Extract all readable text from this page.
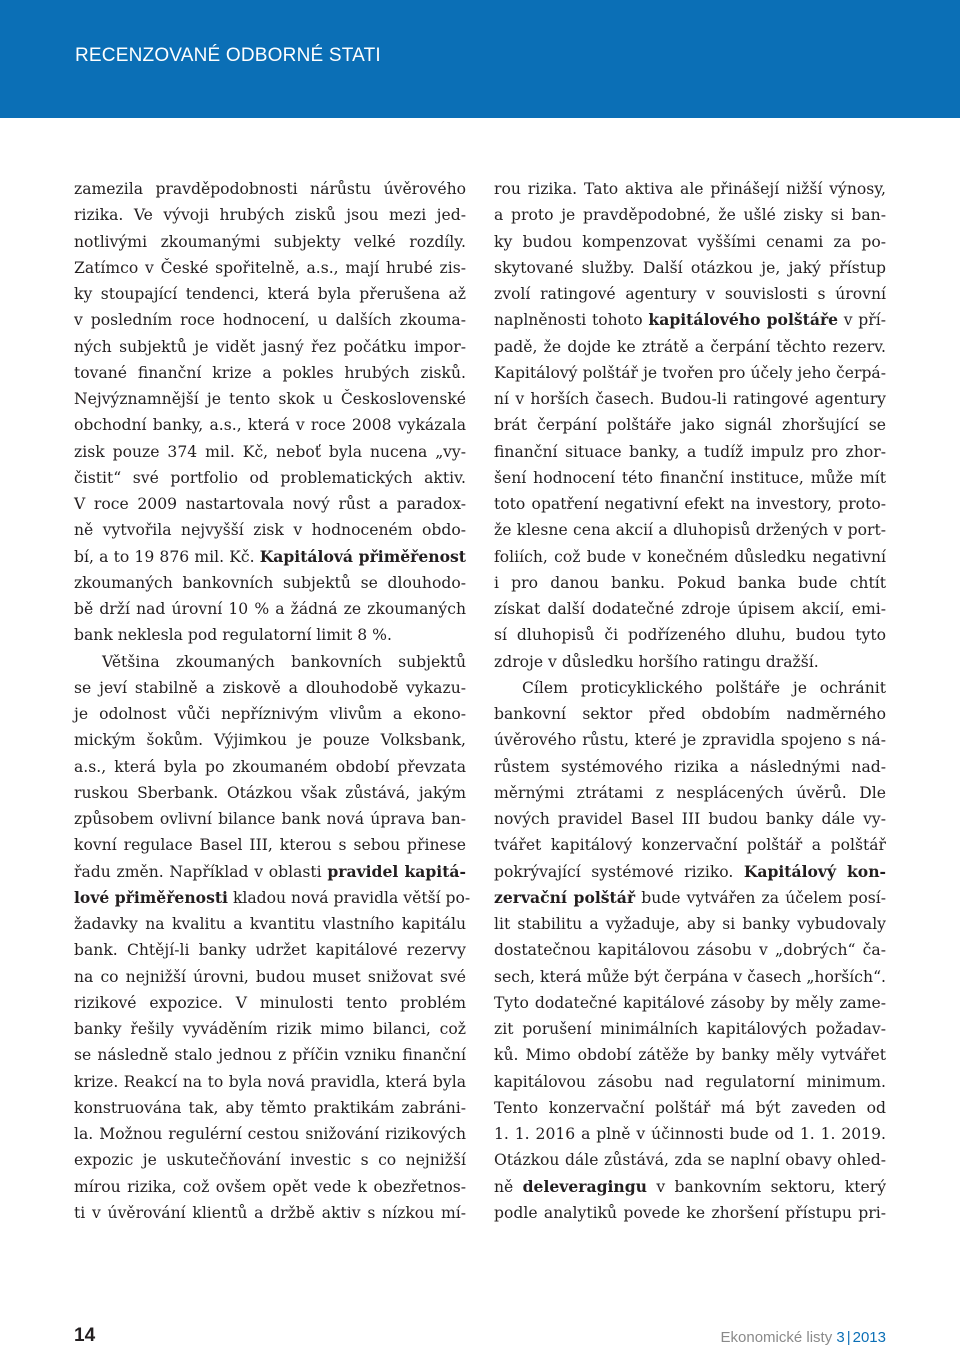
RECENZOVANÉ ODBORNÉ STATI
zamezila pravděpodobnosti nárůstu úvěrového
rizika. Ve vývoji hrubých zisků jsou mezi jed-
notlivými zkoumanými subjekty velké rozdíly.
Zatímco v České spořitelně, a.s., mají hrubé zis-
ky stoupající tendenci, která byla přerušena až
v posledním roce hodnocení, u dalších zkouma-
ných subjektů je vidět jasný řez počátku impor-
tované finanční krize a pokles hrubých zisků.
Nejvýznamnější je tento skok u Československé
obchodní banky, a.s., která v roce 2008 vykázala
zisk pouze 374 mil. Kč, neboť byla nucena „vy-
čistit“ své portfolio od problematických aktiv.
V roce 2009 nastartovala nový růst a paradox-
ně vytvořila nejvyšší zisk v hodnoceném obdo-
bí, a to 19 876 mil. Kč. Kapitálová přiměřenost
zkoumaných bankovních subjektů se dlouhodo-
bě drží nad úrovní 10 % a žádná ze zkoumaných
bank neklesla pod regulatorní limit 8 %.
Většina zkoumaných bankovních subjektů
se jeví stabilně a ziskově a dlouhodobě vykazu-
je odolnost vůči nepříznivým vlivům a ekono-
mickým šokům. Výjimkou je pouze Volksbank,
a.s., která byla po zkoumaném období převzata
ruskou Sberbank. Otázkou však zůstává, jakým
způsobem ovlivní bilance bank nová úprava ban-
kovní regulace Basel III, kterou s sebou přinese
řadu změn. Například v oblasti pravidel kapitá-
lové přiměřenosti kladou nová pravidla větší po-
žadavky na kvalitu a kvantitu vlastního kapitálu
bank. Chtějí-li banky udržet kapitálové rezervy
na co nejnižší úrovni, budou muset snižovat své
rizikové expozice. V minulosti tento problém
banky řešily vyváděním rizik mimo bilanci, což
se následně stalo jednou z příčin vzniku finanční
krize. Reakcí na to byla nová pravidla, která byla
konstruována tak, aby těmto praktikám zabráni-
la. Možnou regulérní cestou snižování rizikových
expozic je uskutečňování investic s co nejnižší
mírou rizika, což ovšem opět vede k obezřetnos-
ti v úvěrování klientů a držbě aktiv s nízkou mí-
rou rizika. Tato aktiva ale přinášejí nižší výnosy,
a proto je pravděpodobné, že ušlé zisky si ban-
ky budou kompenzovat vyššími cenami za po-
skytované služby. Další otázkou je, jaký přístup
zvolí ratingové agentury v souvislosti s úrovní
naplněnosti tohoto kapitálového polštáře v pří-
padě, že dojde ke ztrátě a čerpání těchto rezerv.
Kapitálový polštář je tvořen pro účely jeho čerpá-
ní v horších časech. Budou-li ratingové agentury
brát čerpání polštáře jako signál zhoršující se
finanční situace banky, a tudíž impulz pro zhor-
šení hodnocení této finanční instituce, může mít
toto opatření negativní efekt na investory, proto-
že klesne cena akcií a dluhopisů držených v port-
foliích, což bude v konečném důsledku negativní
i pro danou banku. Pokud banka bude chtít
získat další dodatečné zdroje úpisem akcií, emi-
sí dluhopisů či podřízeného dluhu, budou tyto
zdroje v důsledku horšího ratingu dražší.
Cílem proticyklického polštáře je ochránit
bankovní sektor před obdobím nadměrného
úvěrového růstu, které je zpravidla spojeno s ná-
růstem systémového rizika a následnými nad-
měrnými ztrátami z nesplácených úvěrů. Dle
nových pravidel Basel III budou banky dále vy-
tvářet kapitálový konzervační polštář a polštář
pokrývající systémové riziko. Kapitálový kon-
zervační polštář bude vytvářen za účelem posí-
lit stabilitu a vyžaduje, aby si banky vybudovaly
dostatečnou kapitálovou zásobu v „dobrých“ ča-
sech, která může být čerpána v časech „horších“.
Tyto dodatečné kapitálové zásoby by měly zame-
zit porušení minimálních kapitálových požadav-
ků. Mimo období zátěže by banky měly vytvářet
kapitálovou zásobu nad regulatorní minimum.
Tento konzervační polštář má být zaveden od
1. 1. 2016 a plně v účinnosti bude od 1. 1. 2019.
Otázkou dále zůstává, zda se naplní obavy ohled-
ně deleveragingu v bankovním sektoru, který
podle analytiků povede ke zhoršení přístupu pri-
14	Ekonomické listy 3 | 2013
